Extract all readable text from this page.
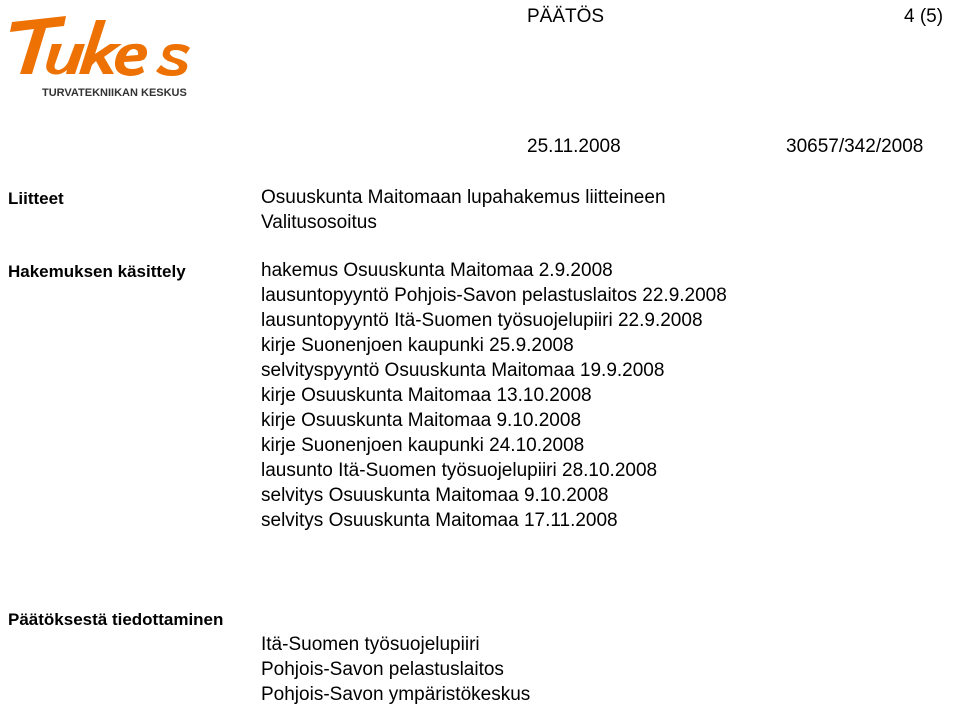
TURVATEKNIIKAN KESKUS
PÄÄTÖS	4 (5)
25.11.2008	30657/342/2008
Liitteet	Osuuskunta Maitomaan lupahakemus liitteineen
Valitusosoitus
Hakemuksen käsittely	hakemus Osuuskunta Maitomaa 2.9.2008
lausuntopyyntö Pohjois-Savon pelastuslaitos 22.9.2008
lausuntopyyntö Itä-Suomen työsuojelupiiri 22.9.2008
kirje Suonenjoen kaupunki 25.9.2008
selvityspyyntö Osuuskunta Maitomaa 19.9.2008
kirje Osuuskunta Maitomaa 13.10.2008
kirje Osuuskunta Maitomaa 9.10.2008
kirje Suonenjoen kaupunki 24.10.2008
lausunto Itä-Suomen työsuojelupiiri 28.10.2008
selvitys Osuuskunta Maitomaa 9.10.2008
selvitys Osuuskunta Maitomaa 17.11.2008
Päätöksestä tiedottaminen
Itä-Suomen työsuojelupiiri
Pohjois-Savon pelastuslaitos
Pohjois-Savon ympäristökeskus
